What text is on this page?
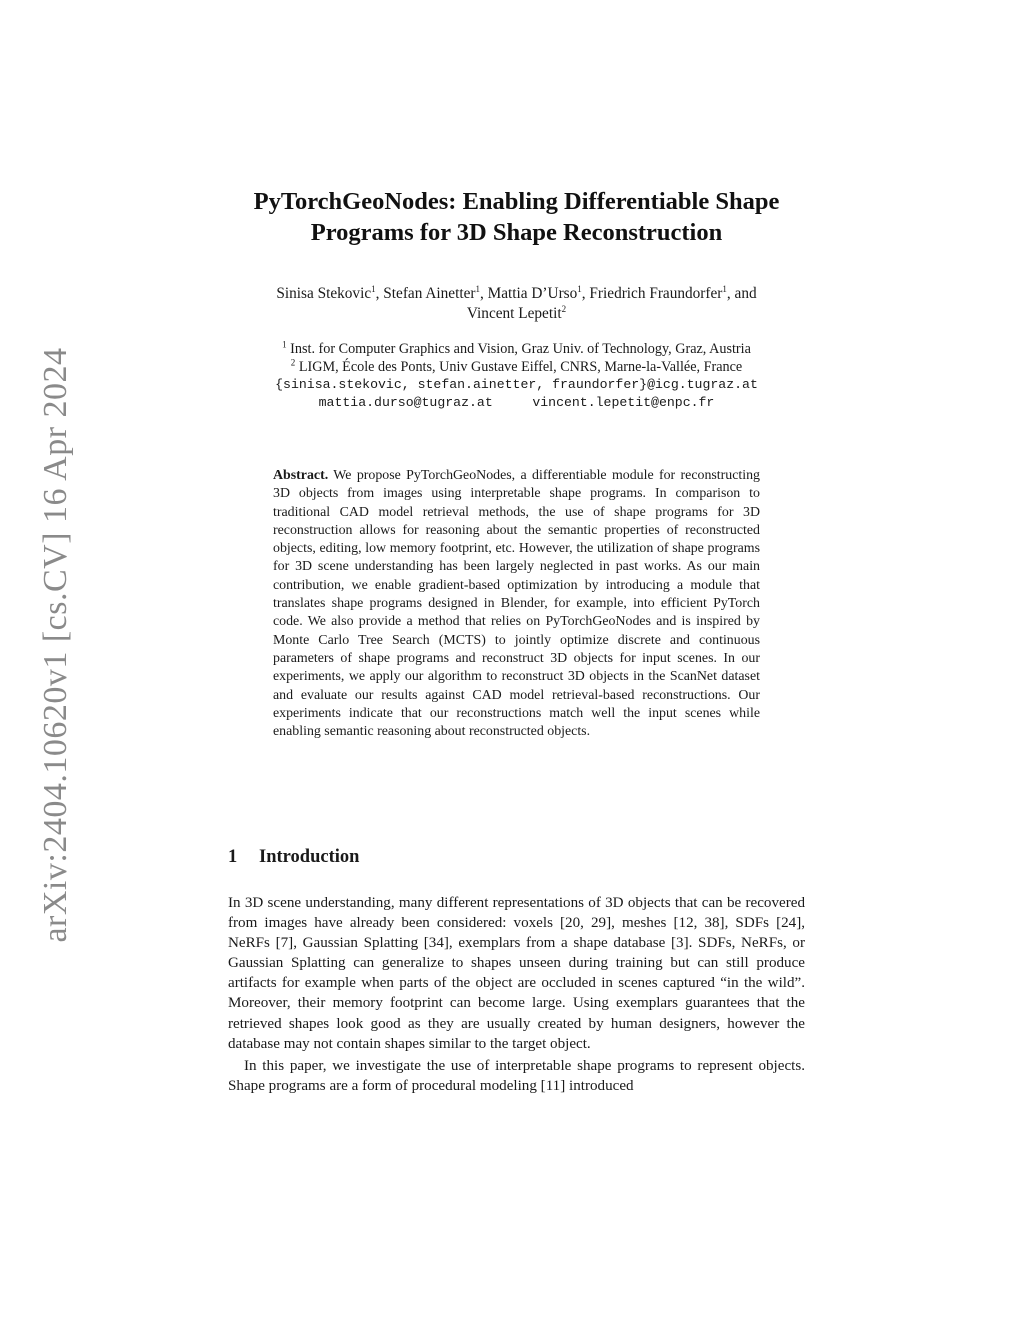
arXiv:2404.10620v1 [cs.CV] 16 Apr 2024
PyTorchGeoNodes: Enabling Differentiable Shape
Programs for 3D Shape Reconstruction
Sinisa Stekovic$^1$, Stefan Ainetter$^1$, Mattia D’Urso$^1$, Friedrich Fraundorfer$^1$, and
Vincent Lepetit$^2$
$^1$ Inst. for Computer Graphics and Vision, Graz Univ. of Technology, Graz, Austria
$^2$ LIGM, École des Ponts, Univ Gustave Eiffel, CNRS, Marne-la-Vallée, France
{sinisa.stekovic, stefan.ainetter, fraundorfer}@icg.tugraz.at
mattia.durso@tugraz.at	vincent.lepetit@enpc.fr
Abstract. We propose PyTorchGeoNodes, a differentiable module for reconstructing 3D objects from images using interpretable shape programs. In comparison to traditional CAD model retrieval methods, the use of shape programs for 3D reconstruction allows for reasoning about the semantic properties of reconstructed objects, editing, low memory footprint, etc. However, the utilization of shape programs for 3D scene understanding has been largely neglected in past works. As our main contribution, we enable gradient-based optimization by introducing a module that translates shape programs designed in Blender, for example, into efficient PyTorch code. We also provide a method that relies on PyTorchGeoNodes and is inspired by Monte Carlo Tree Search (MCTS) to jointly optimize discrete and continuous parameters of shape programs and reconstruct 3D objects for input scenes. In our experiments, we apply our algorithm to reconstruct 3D objects in the ScanNet dataset and evaluate our results against CAD model retrieval-based reconstructions. Our experiments indicate that our reconstructions match well the input scenes while enabling semantic reasoning about reconstructed objects.
1 Introduction

In 3D scene understanding, many different representations of 3D objects that can be recovered from images have already been considered: voxels [20, 29], meshes [12, 38], SDFs [24], NeRFs [7], Gaussian Splatting [34], exemplars from a shape database [3]. SDFs, NeRFs, or Gaussian Splatting can generalize to shapes unseen during training but can still produce artifacts for example when parts of the object are occluded in scenes captured “in the wild”. Moreover, their memory footprint can become large. Using exemplars guarantees that the retrieved shapes look good as they are usually created by human designers, however the database may not contain shapes similar to the target object.

In this paper, we investigate the use of interpretable shape programs to represent objects. Shape programs are a form of procedural modeling [11] introduced
